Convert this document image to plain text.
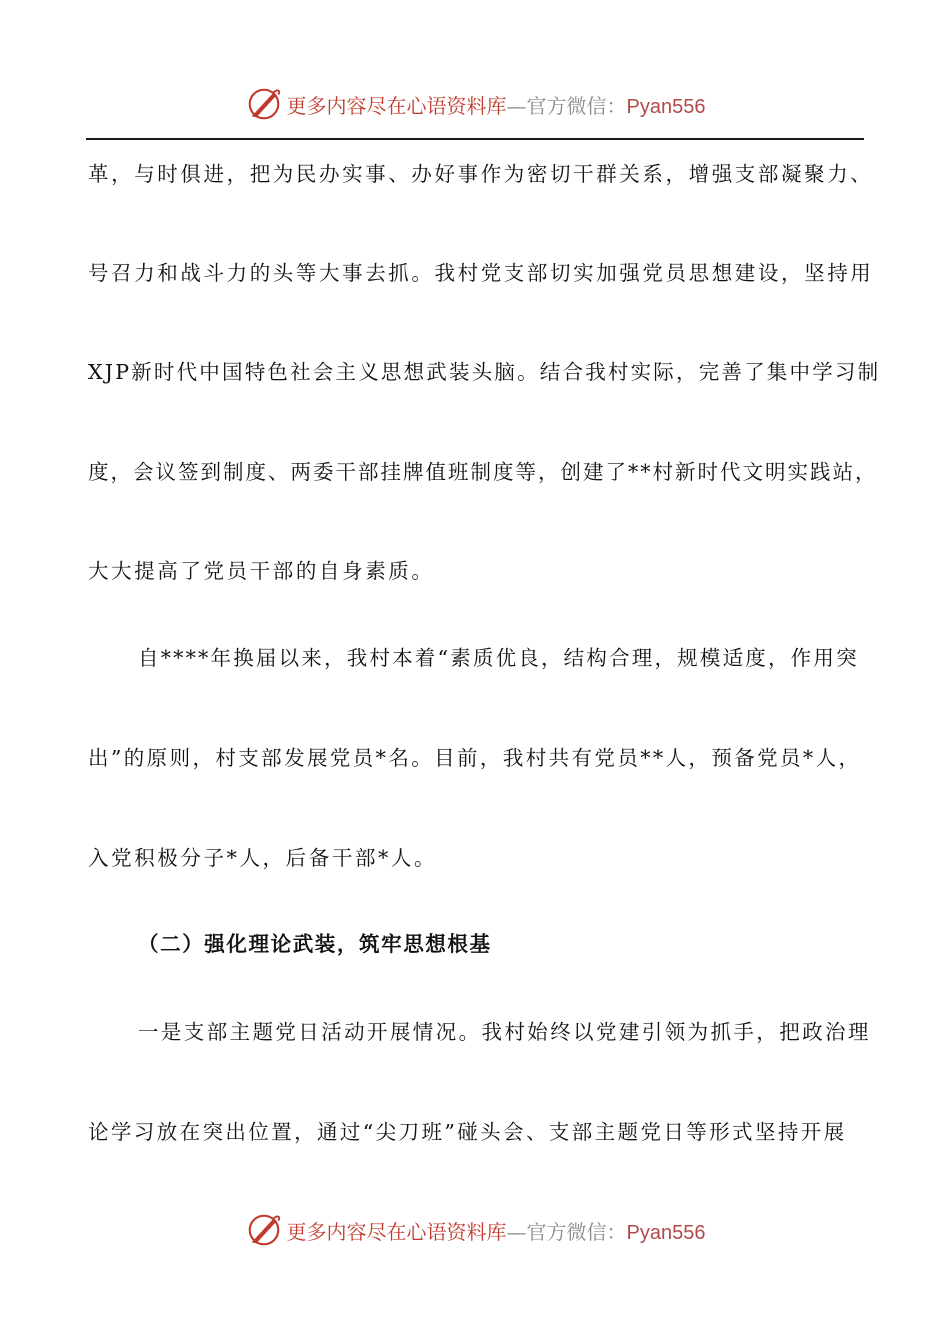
更多内容尽在心语资料库—官方微信：Pyan556
革，与时俱进，把为民办实事、办好事作为密切干群关系，增强支部凝聚力、
号召力和战斗力的头等大事去抓。我村党支部切实加强党员思想建设，坚持用
XJP新时代中国特色社会主义思想武装头脑。结合我村实际，完善了集中学习制
度，会议签到制度、两委干部挂牌值班制度等，创建了**村新时代文明实践站，
大大提高了党员干部的自身素质。
自****年换届以来，我村本着“素质优良，结构合理，规模适度，作用突
出”的原则，村支部发展党员*名。目前，我村共有党员**人，预备党员*人，
入党积极分子*人，后备干部*人。
（二）强化理论武装，筑牢思想根基
一是支部主题党日活动开展情况。我村始终以党建引领为抓手，把政治理
论学习放在突出位置，通过“尖刀班”碰头会、支部主题党日等形式坚持开展
更多内容尽在心语资料库—官方微信：Pyan556
